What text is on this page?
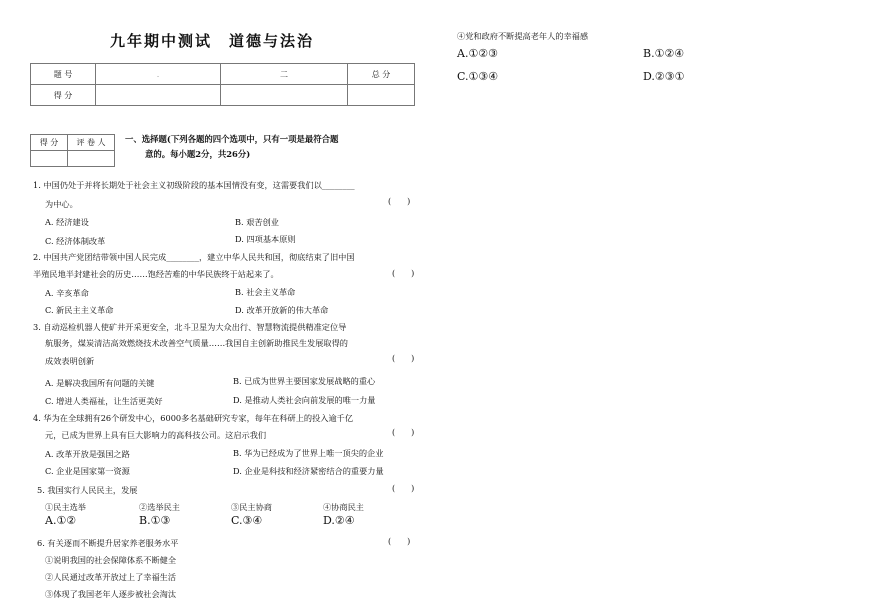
九年期中测试　道德与法治
题 号	.	二	总 分
得 分			
得 分	评 卷 人
	一、选择题(下列各题的四个选项中，只有一项是最符合题
意的。每小题2分，共26分)
1. 中国仍处于并将长期处于社会主义初级阶段的基本国情没有变，这需要我们以________
(　　)
为中心。
A. 经济建设	B. 艰苦创业
C. 经济体制改革	D. 四项基本原则
2. 中国共产党团结带领中国人民完成________，建立中华人民共和国，彻底结束了旧中国
半殖民地半封建社会的历史……饱经苦难的中华民族终于站起来了。	(　　)
A. 辛亥革命	B. 社会主义革命
C. 新民主主义革命	D. 改革开放新的伟大革命
3. 自动巡检机器人使矿井开采更安全，北斗卫星为大众出行、智慧物流提供精准定位导
航服务，煤炭清洁高效燃烧技术改善空气质量……我国自主创新助推民生发展取得的
成效表明创新	(　　)
A. 是解决我国所有问题的关键	B. 已成为世界主要国家发展战略的重心
C. 增进人类福祉，让生活更美好	D. 是推动人类社会向前发展的唯一力量
4. 华为在全球拥有26个研发中心，6000多名基础研究专家，每年在科研上的投入逾千亿
元，已成为世界上具有巨大影响力的高科技公司。这启示我们	(　　)
A. 改革开放是强国之路	B. 华为已经成为了世界上唯一顶尖的企业
C. 企业是国家第一资源	D. 企业是科技和经济紧密结合的重要力量
5. 我国实行人民民主，发展	(　　)
①民主选举	②选举民主	③民主协商	④协商民主
A.①②	B.①③	C.③④	D.②④
6. 有关逐而不断提升居家养老服务水平	(　　)
①说明我国的社会保障体系不断健全
②人民通过改革开放过上了幸福生活
③体现了我国老年人逐步被社会淘汰
④党和政府不断提高老年人的幸福感
A.①②③	B.①②④
C.①③④	D.②③①
